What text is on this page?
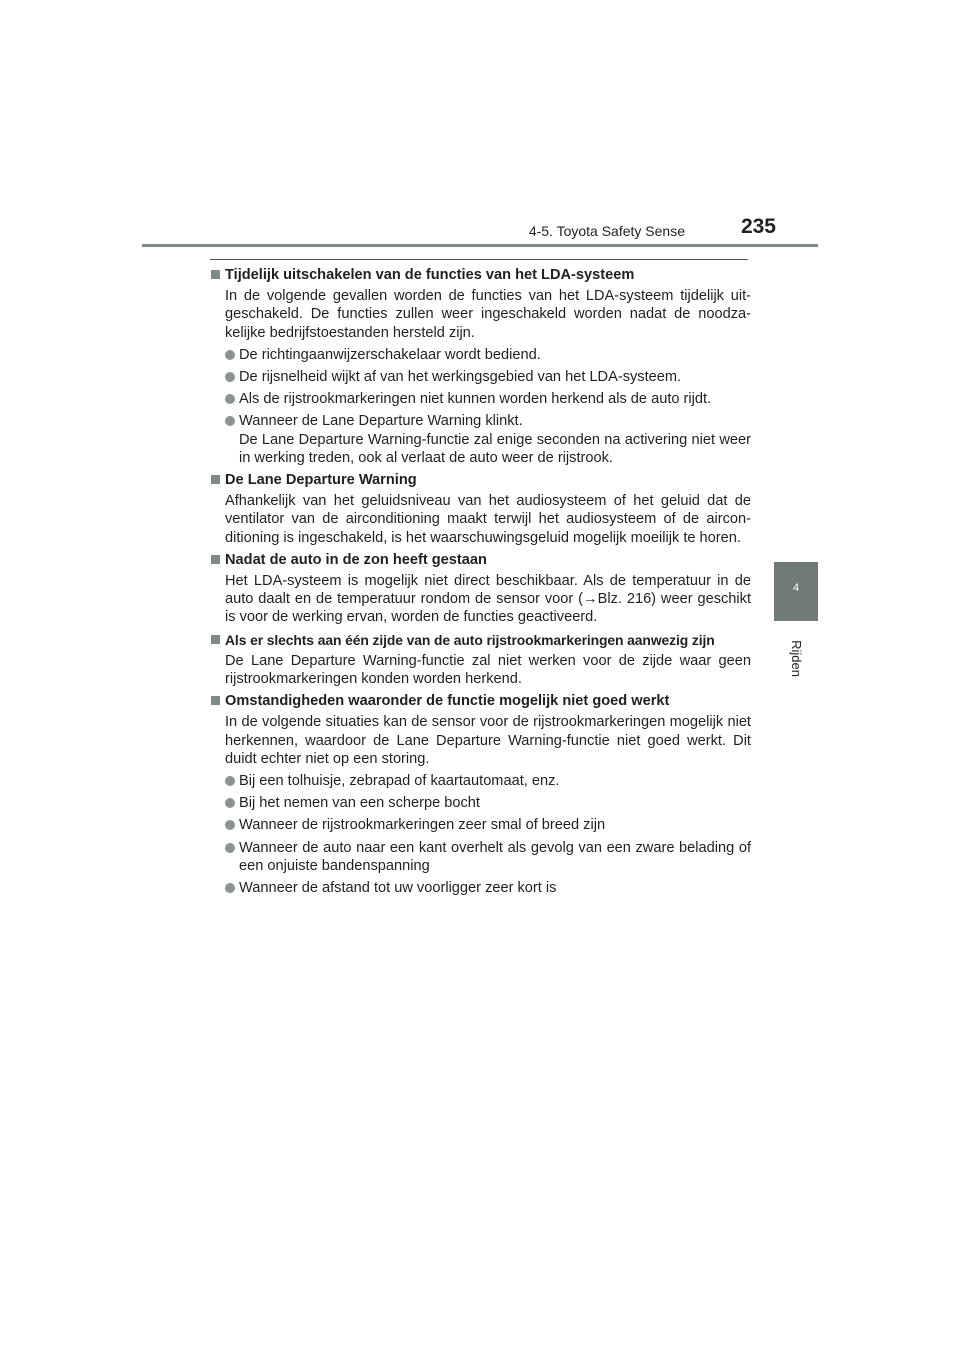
4-5. Toyota Safety Sense	235
4
Rijden
Tijdelijk uitschakelen van de functies van het LDA-systeem
In de volgende gevallen worden de functies van het LDA-systeem tijdelijk uit-geschakeld. De functies zullen weer ingeschakeld worden nadat de noodza-kelijke bedrijfstoestanden hersteld zijn.
De richtingaanwijzerschakelaar wordt bediend.
De rijsnelheid wijkt af van het werkingsgebied van het LDA-systeem.
Als de rijstrookmarkeringen niet kunnen worden herkend als de auto rijdt.
Wanneer de Lane Departure Warning klinkt.
De Lane Departure Warning-functie zal enige seconden na activering niet weer in werking treden, ook al verlaat de auto weer de rijstrook.
De Lane Departure Warning
Afhankelijk van het geluidsniveau van het audiosysteem of het geluid dat de ventilator van de airconditioning maakt terwijl het audiosysteem of de aircon-ditioning is ingeschakeld, is het waarschuwingsgeluid mogelijk moeilijk te horen.
Nadat de auto in de zon heeft gestaan
Het LDA-systeem is mogelijk niet direct beschikbaar. Als de temperatuur in de auto daalt en de temperatuur rondom de sensor voor (→Blz. 216) weer geschikt is voor de werking ervan, worden de functies geactiveerd.
Als er slechts aan één zijde van de auto rijstrookmarkeringen aanwezig zijn
De Lane Departure Warning-functie zal niet werken voor de zijde waar geen rijstrookmarkeringen konden worden herkend.
Omstandigheden waaronder de functie mogelijk niet goed werkt
In de volgende situaties kan de sensor voor de rijstrookmarkeringen mogelijk niet herkennen, waardoor de Lane Departure Warning-functie niet goed werkt. Dit duidt echter niet op een storing.
Bij een tolhuisje, zebrapad of kaartautomaat, enz.
Bij het nemen van een scherpe bocht
Wanneer de rijstrookmarkeringen zeer smal of breed zijn
Wanneer de auto naar een kant overhelt als gevolg van een zware belading of een onjuiste bandenspanning
Wanneer de afstand tot uw voorligger zeer kort is
